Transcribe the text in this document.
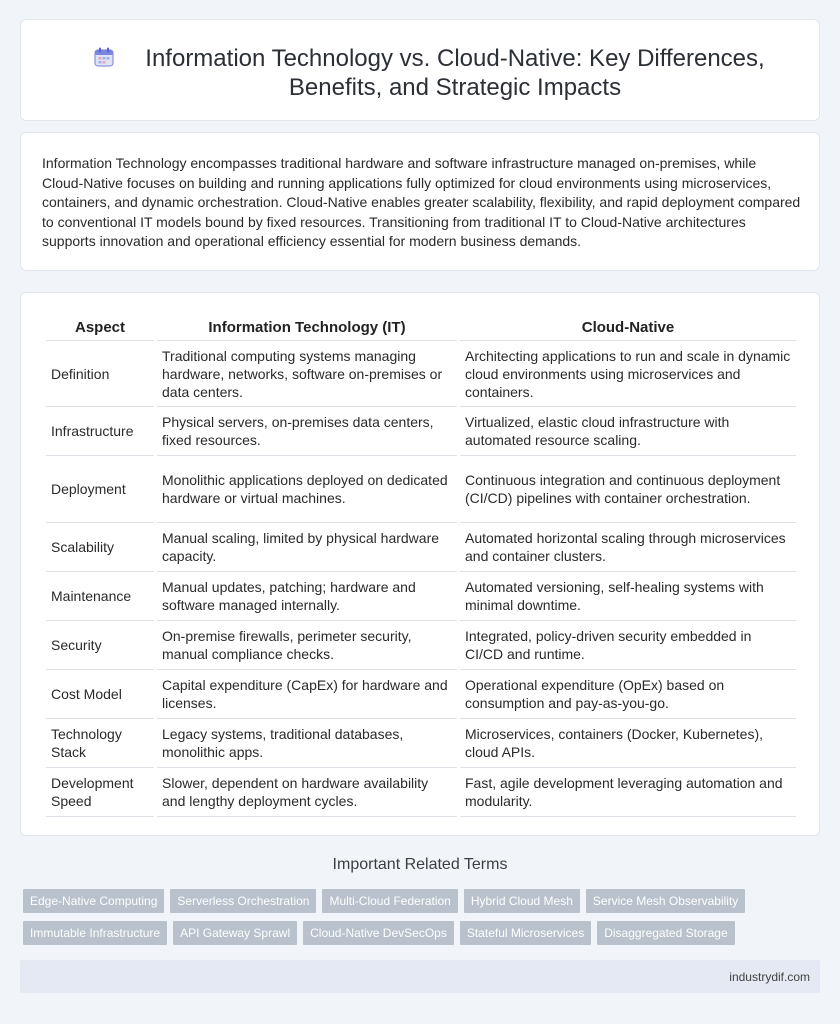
Information Technology vs. Cloud-Native: Key Differences, Benefits, and Strategic Impacts

Information Technology encompasses traditional hardware and software infrastructure managed on-premises, while Cloud-Native focuses on building and running applications fully optimized for cloud environments using microservices, containers, and dynamic orchestration. Cloud-Native enables greater scalability, flexibility, and rapid deployment compared to conventional IT models bound by fixed resources. Transitioning from traditional IT to Cloud-Native architectures supports innovation and operational efficiency essential for modern business demands.

Aspect	Information Technology (IT)	Cloud-Native
Definition	Traditional computing systems managing hardware, networks, software on-premises or data centers.	Architecting applications to run and scale in dynamic cloud environments using microservices and containers.
Infrastructure	Physical servers, on-premises data centers, fixed resources.	Virtualized, elastic cloud infrastructure with automated resource scaling.
Deployment	Monolithic applications deployed on dedicated hardware or virtual machines.	Continuous integration and continuous deployment (CI/CD) pipelines with container orchestration.
Scalability	Manual scaling, limited by physical hardware capacity.	Automated horizontal scaling through microservices and container clusters.
Maintenance	Manual updates, patching; hardware and software managed internally.	Automated versioning, self-healing systems with minimal downtime.
Security	On-premise firewalls, perimeter security, manual compliance checks.	Integrated, policy-driven security embedded in CI/CD and runtime.
Cost Model	Capital expenditure (CapEx) for hardware and licenses.	Operational expenditure (OpEx) based on consumption and pay-as-you-go.
Technology Stack	Legacy systems, traditional databases, monolithic apps.	Microservices, containers (Docker, Kubernetes), cloud APIs.
Development Speed	Slower, dependent on hardware availability and lengthy deployment cycles.	Fast, agile development leveraging automation and modularity.
Important Related Terms
Edge-Native Computing	Serverless Orchestration	Multi-Cloud Federation	Hybrid Cloud Mesh	Service Mesh Observability
Immutable Infrastructure	API Gateway Sprawl	Cloud-Native DevSecOps	Stateful Microservices	Disaggregated Storage
industrydif.com
